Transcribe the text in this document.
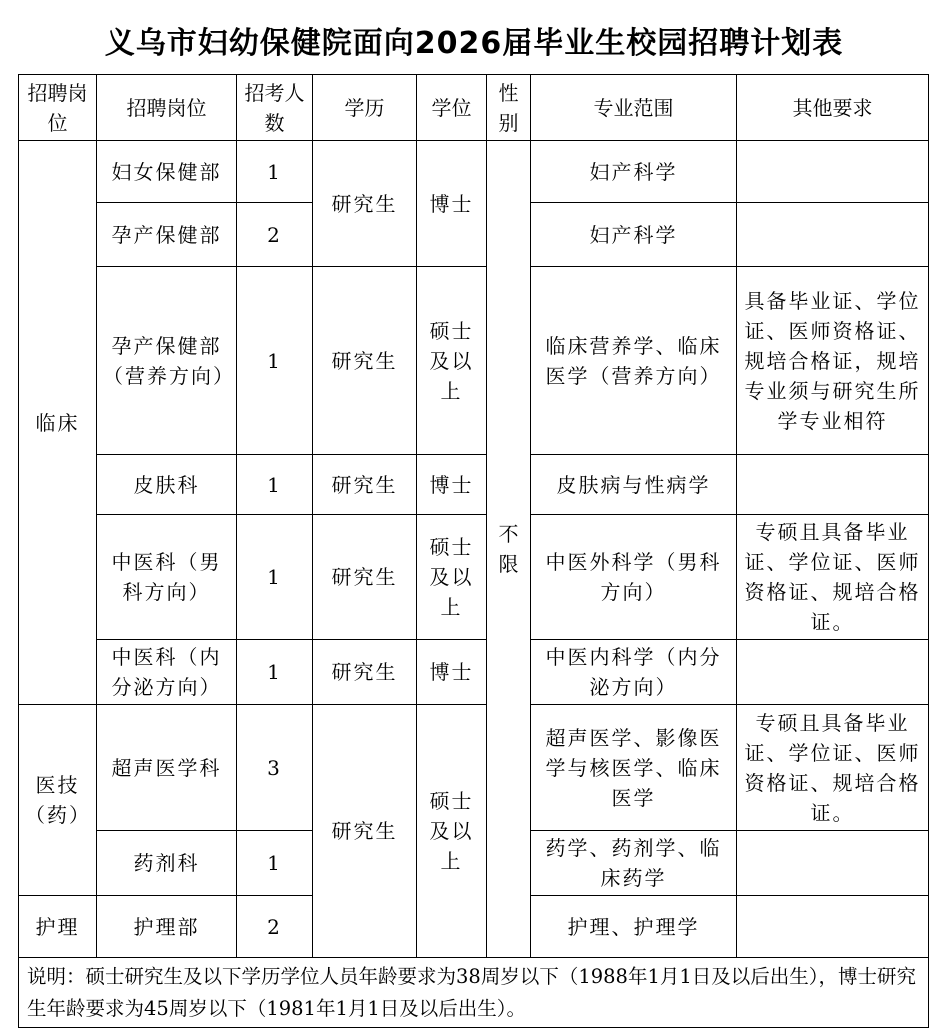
义乌市妇幼保健院面向2026届毕业生校园招聘计划表
招聘岗位	招聘岗位	招考人数	学历	学位	性别	专业范围	其他要求
临床	妇女保健部	1	研究生	博士	不限	妇产科学	
	孕产保健部	2				妇产科学	
	孕产保健部（营养方向）	1	研究生	硕士及以上		临床营养学、临床医学（营养方向）	具备毕业证、学位证、医师资格证、规培合格证，规培专业须与研究生所学专业相符
	皮肤科	1	研究生	博士		皮肤病与性病学	
	中医科（男科方向）	1	研究生	硕士及以上		中医外科学（男科方向）	专硕且具备毕业证、学位证、医师资格证、规培合格证。
	中医科（内分泌方向）	1	研究生	博士		中医内科学（内分泌方向）	
医技（药）	超声医学科	3	研究生	硕士及以上		超声医学、影像医学与核医学、临床医学	专硕且具备毕业证、学位证、医师资格证、规培合格证。
	药剂科	1				药学、药剂学、临床药学	
护理	护理部	2				护理、护理学	
说明：硕士研究生及以下学历学位人员年龄要求为38周岁以下（1988年1月1日及以后出生），博士研究生年龄要求为45周岁以下（1981年1月1日及以后出生）。							
